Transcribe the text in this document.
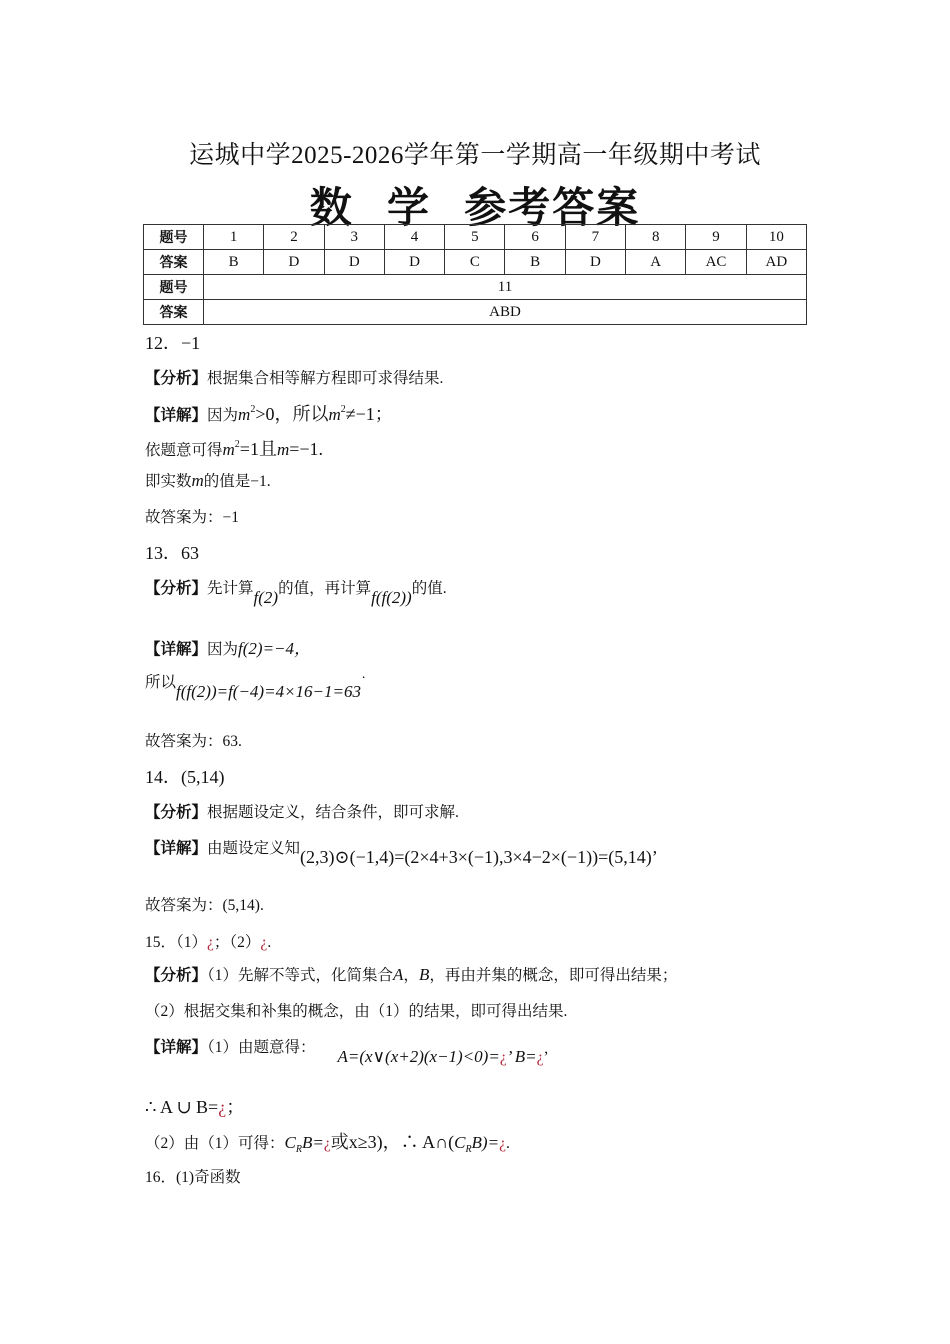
运城中学2025-2026学年第一学期高一年级期中考试
数  学  参考答案
题号	1	2	3	4	5	6	7	8	9	10
答案	B	D	D	D	C	B	D	A	AC	AD
题号	11									
答案	ABD									
12．−1
【分析】根据集合相等解方程即可求得结果.
【详解】因为$m^2>0$，所以$m^2\ne-1$；
依题意可得$m^2=1$且m=−1.
即实数m的值是−1.
故答案为：−1
13．63
【分析】先计算f(2)的值，再计算f(f(2))的值.
【详解】因为f(2)=−4，
所以f(f(2))=f(−4)=4×16−1=63˙
故答案为：63.
14．(5,14)
【分析】根据题设定义，结合条件，即可求解.
【详解】由题设定义知(2,3)⊙(−1,4)=(2×4+3×(−1),3×4−2×(−1))=(5,14)’
故答案为：(5,14).
15．（1）¿；（2）¿.
【分析】（1）先解不等式，化简集合A，B，再由并集的概念，即可得出结果；
（2）根据交集和补集的概念，由（1）的结果，即可得出结果.
【详解】（1）由题意得： A=(x∨(x+2)(x−1)<0)=¿’ B=¿’
∴ A ∪ B=¿；
（2）由（1）可得：$C_RB=¿$或x≥3)，∴ $A\cap(C_RB)=¿$.
16．(1)奇函数
